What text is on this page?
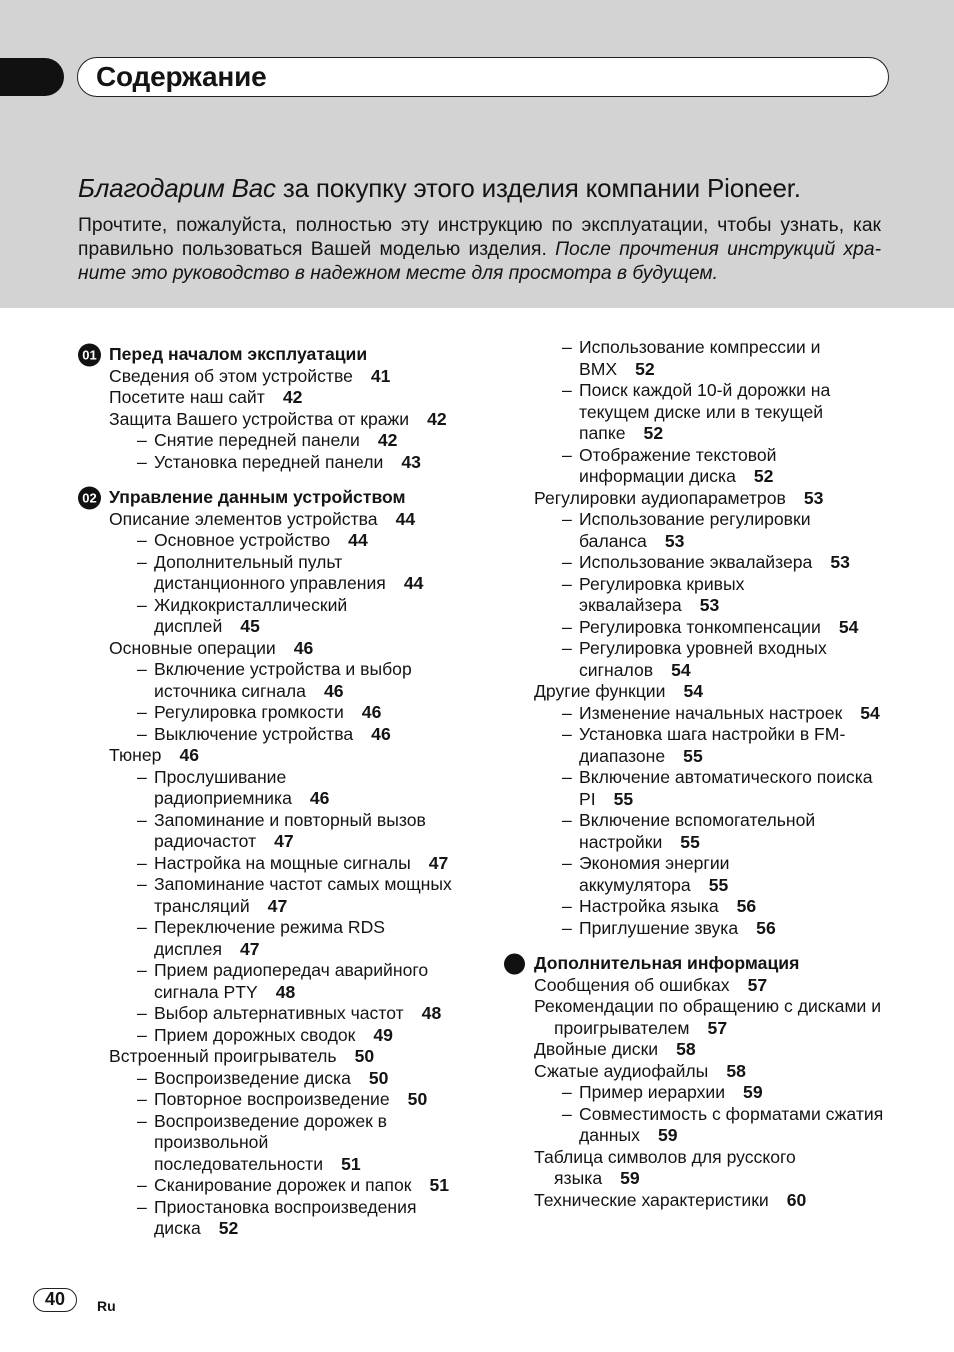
Содержание
Благодарим Вас за покупку этого изделия компании Pioneer.
Прочтите, пожалуйста, полностью эту инструкцию по эксплуатации, чтобы узнать, как
правильно пользоваться Вашей моделью изделия. После прочтения инструкций хра-
ните это руководство в надежном месте для просмотра в будущем.
01 Перед началом эксплуатации
Сведения об этом устройстве 41
Посетите наш сайт 42
Защита Вашего устройства от кражи 42
– Снятие передней панели 42
– Установка передней панели 43
02 Управление данным устройством
Описание элементов устройства 44
– Основное устройство 44
– Дополнительный пульт
дистанционного управления 44
– Жидкокристаллический
дисплей 45
Основные операции 46
– Включение устройства и выбор
источника сигнала 46
– Регулировка громкости 46
– Выключение устройства 46
Тюнер 46
– Прослушивание
радиоприемника 46
– Запоминание и повторный вызов
радиочастот 47
– Настройка на мощные сигналы 47
– Запоминание частот самых мощных
трансляций 47
– Переключение режима RDS
дисплея 47
– Прием радиопередач аварийного
сигнала PTY 48
– Выбор альтернативных частот 48
– Прием дорожных сводок 49
Встроенный проигрыватель 50
– Воспроизведение диска 50
– Повторное воспроизведение 50
– Воспроизведение дорожек в
произвольной
последовательности 51
– Сканирование дорожек и папок 51
– Приостановка воспроизведения
диска 52
– Использование компрессии и
BMX 52
– Поиск каждой 10-й дорожки на
текущем диске или в текущей
папке 52
– Отображение текстовой
информации диска 52
Регулировки аудиопараметров 53
– Использование регулировки
баланса 53
– Использование эквалайзера 53
– Регулировка кривых
эквалайзера 53
– Регулировка тонкомпенсации 54
– Регулировка уровней входных
сигналов 54
Другие функции 54
– Изменение начальных настроек 54
– Установка шага настройки в FM-
диапазоне 55
– Включение автоматического поиска
PI 55
– Включение вспомогательной
настройки 55
– Экономия энергии
аккумулятора 55
– Настройка языка 56
– Приглушение звука 56
Дополнительная информация
Сообщения об ошибках 57
Рекомендации по обращению с дисками и
проигрывателем 57
Двойные диски 58
Сжатые аудиофайлы 58
– Пример иерархии 59
– Совместимость с форматами сжатия
данных 59
Таблица символов для русского
языка 59
Технические характеристики 60
40	Ru
